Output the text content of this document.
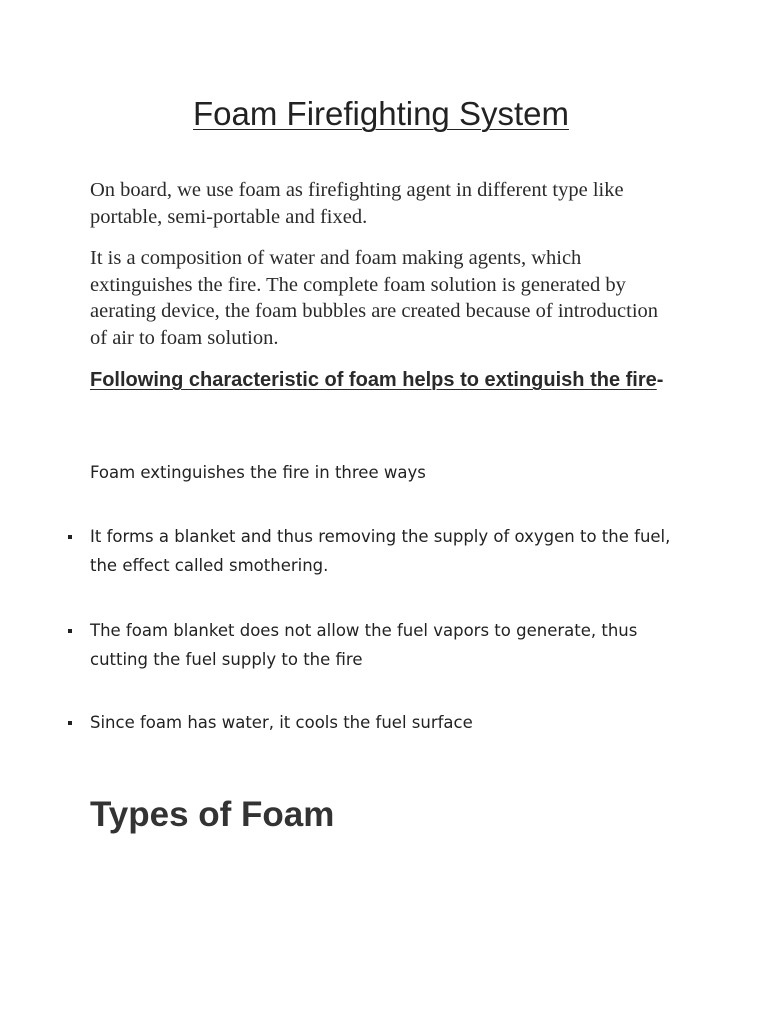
Foam Firefighting System

On board, we use foam as firefighting agent in different type like portable, semi-portable and fixed.

It is a composition of water and foam making agents, which extinguishes the fire. The complete foam solution is generated by aerating device, the foam bubbles are created because of introduction of air to foam solution.

Following characteristic of foam helps to extinguish the fire-

Foam extinguishes the fire in three ways

It forms a blanket and thus removing the supply of oxygen to the fuel, the effect called smothering.
The foam blanket does not allow the fuel vapors to generate, thus cutting the fuel supply to the fire
Since foam has water, it cools the fuel surface
Types of Foam
